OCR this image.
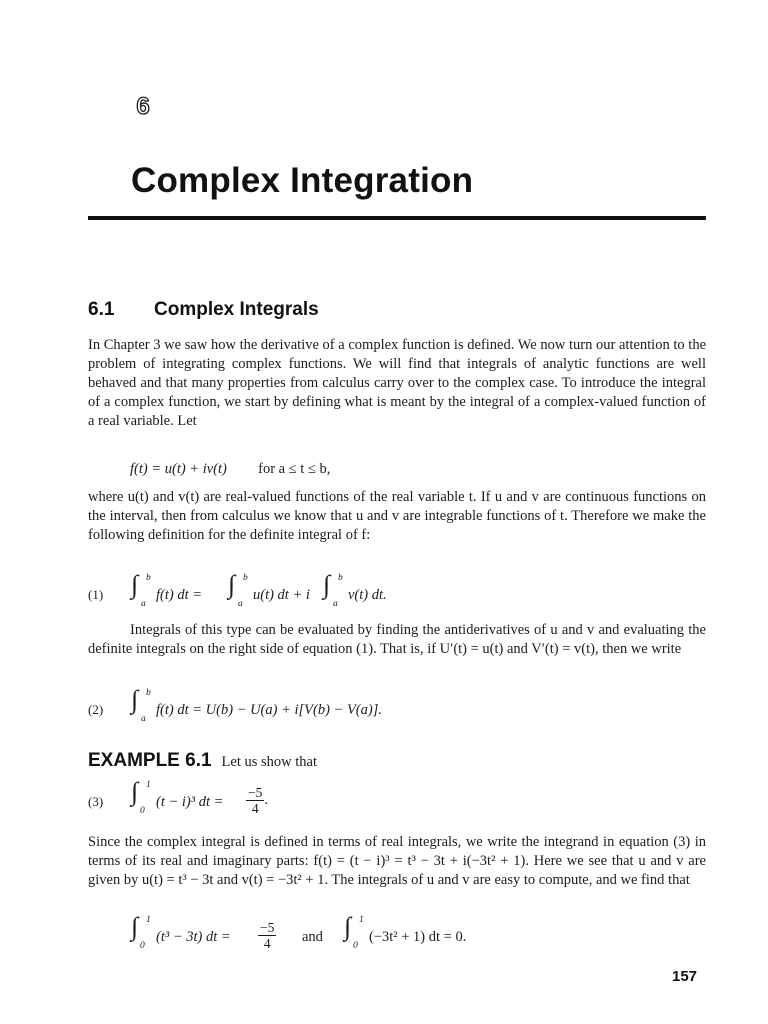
6
Complex Integration
6.1 Complex Integrals
In Chapter 3 we saw how the derivative of a complex function is defined. We now turn our attention to the problem of integrating complex functions. We will find that integrals of analytic functions are well behaved and that many properties from calculus carry over to the complex case. To introduce the integral of a complex function, we start by defining what is meant by the integral of a complex-valued function of a real variable. Let
f(t) = u(t) + iv(t) for a ≤ t ≤ b,
where u(t) and v(t) are real-valued functions of the real variable t. If u and v are continuous functions on the interval, then from calculus we know that u and v are integrable functions of t. Therefore we make the following definition for the definite integral of f:
(1) ∫ b
a
f(t) dt = ∫ b
a
u(t) dt + i ∫ b
a
v(t) dt.
Integrals of this type can be evaluated by finding the antiderivatives of u and v and evaluating the definite integrals on the right side of equation (1). That is, if U′(t) = u(t) and V′(t) = v(t), then we write
(2) ∫ b
a
f(t) dt = U(b) − U(a) + i[V(b) − V(a)].
EXAMPLE 6.1 Let us show that
(3) ∫ 1
0
(t − i)³ dt = $\frac{-5}{4}$ .
Since the complex integral is defined in terms of real integrals, we write the integrand in equation (3) in terms of its real and imaginary parts: f(t) = (t − i)³ = t³ − 3t + i(−3t² + 1). Here we see that u and v are given by u(t) = t³ − 3t and v(t) = −3t² + 1. The integrals of u and v are easy to compute, and we find that
∫ 1
0
(t³ − 3t) dt = $\frac{-5}{4}$ and ∫ 1
0
(−3t² + 1) dt = 0.
157
